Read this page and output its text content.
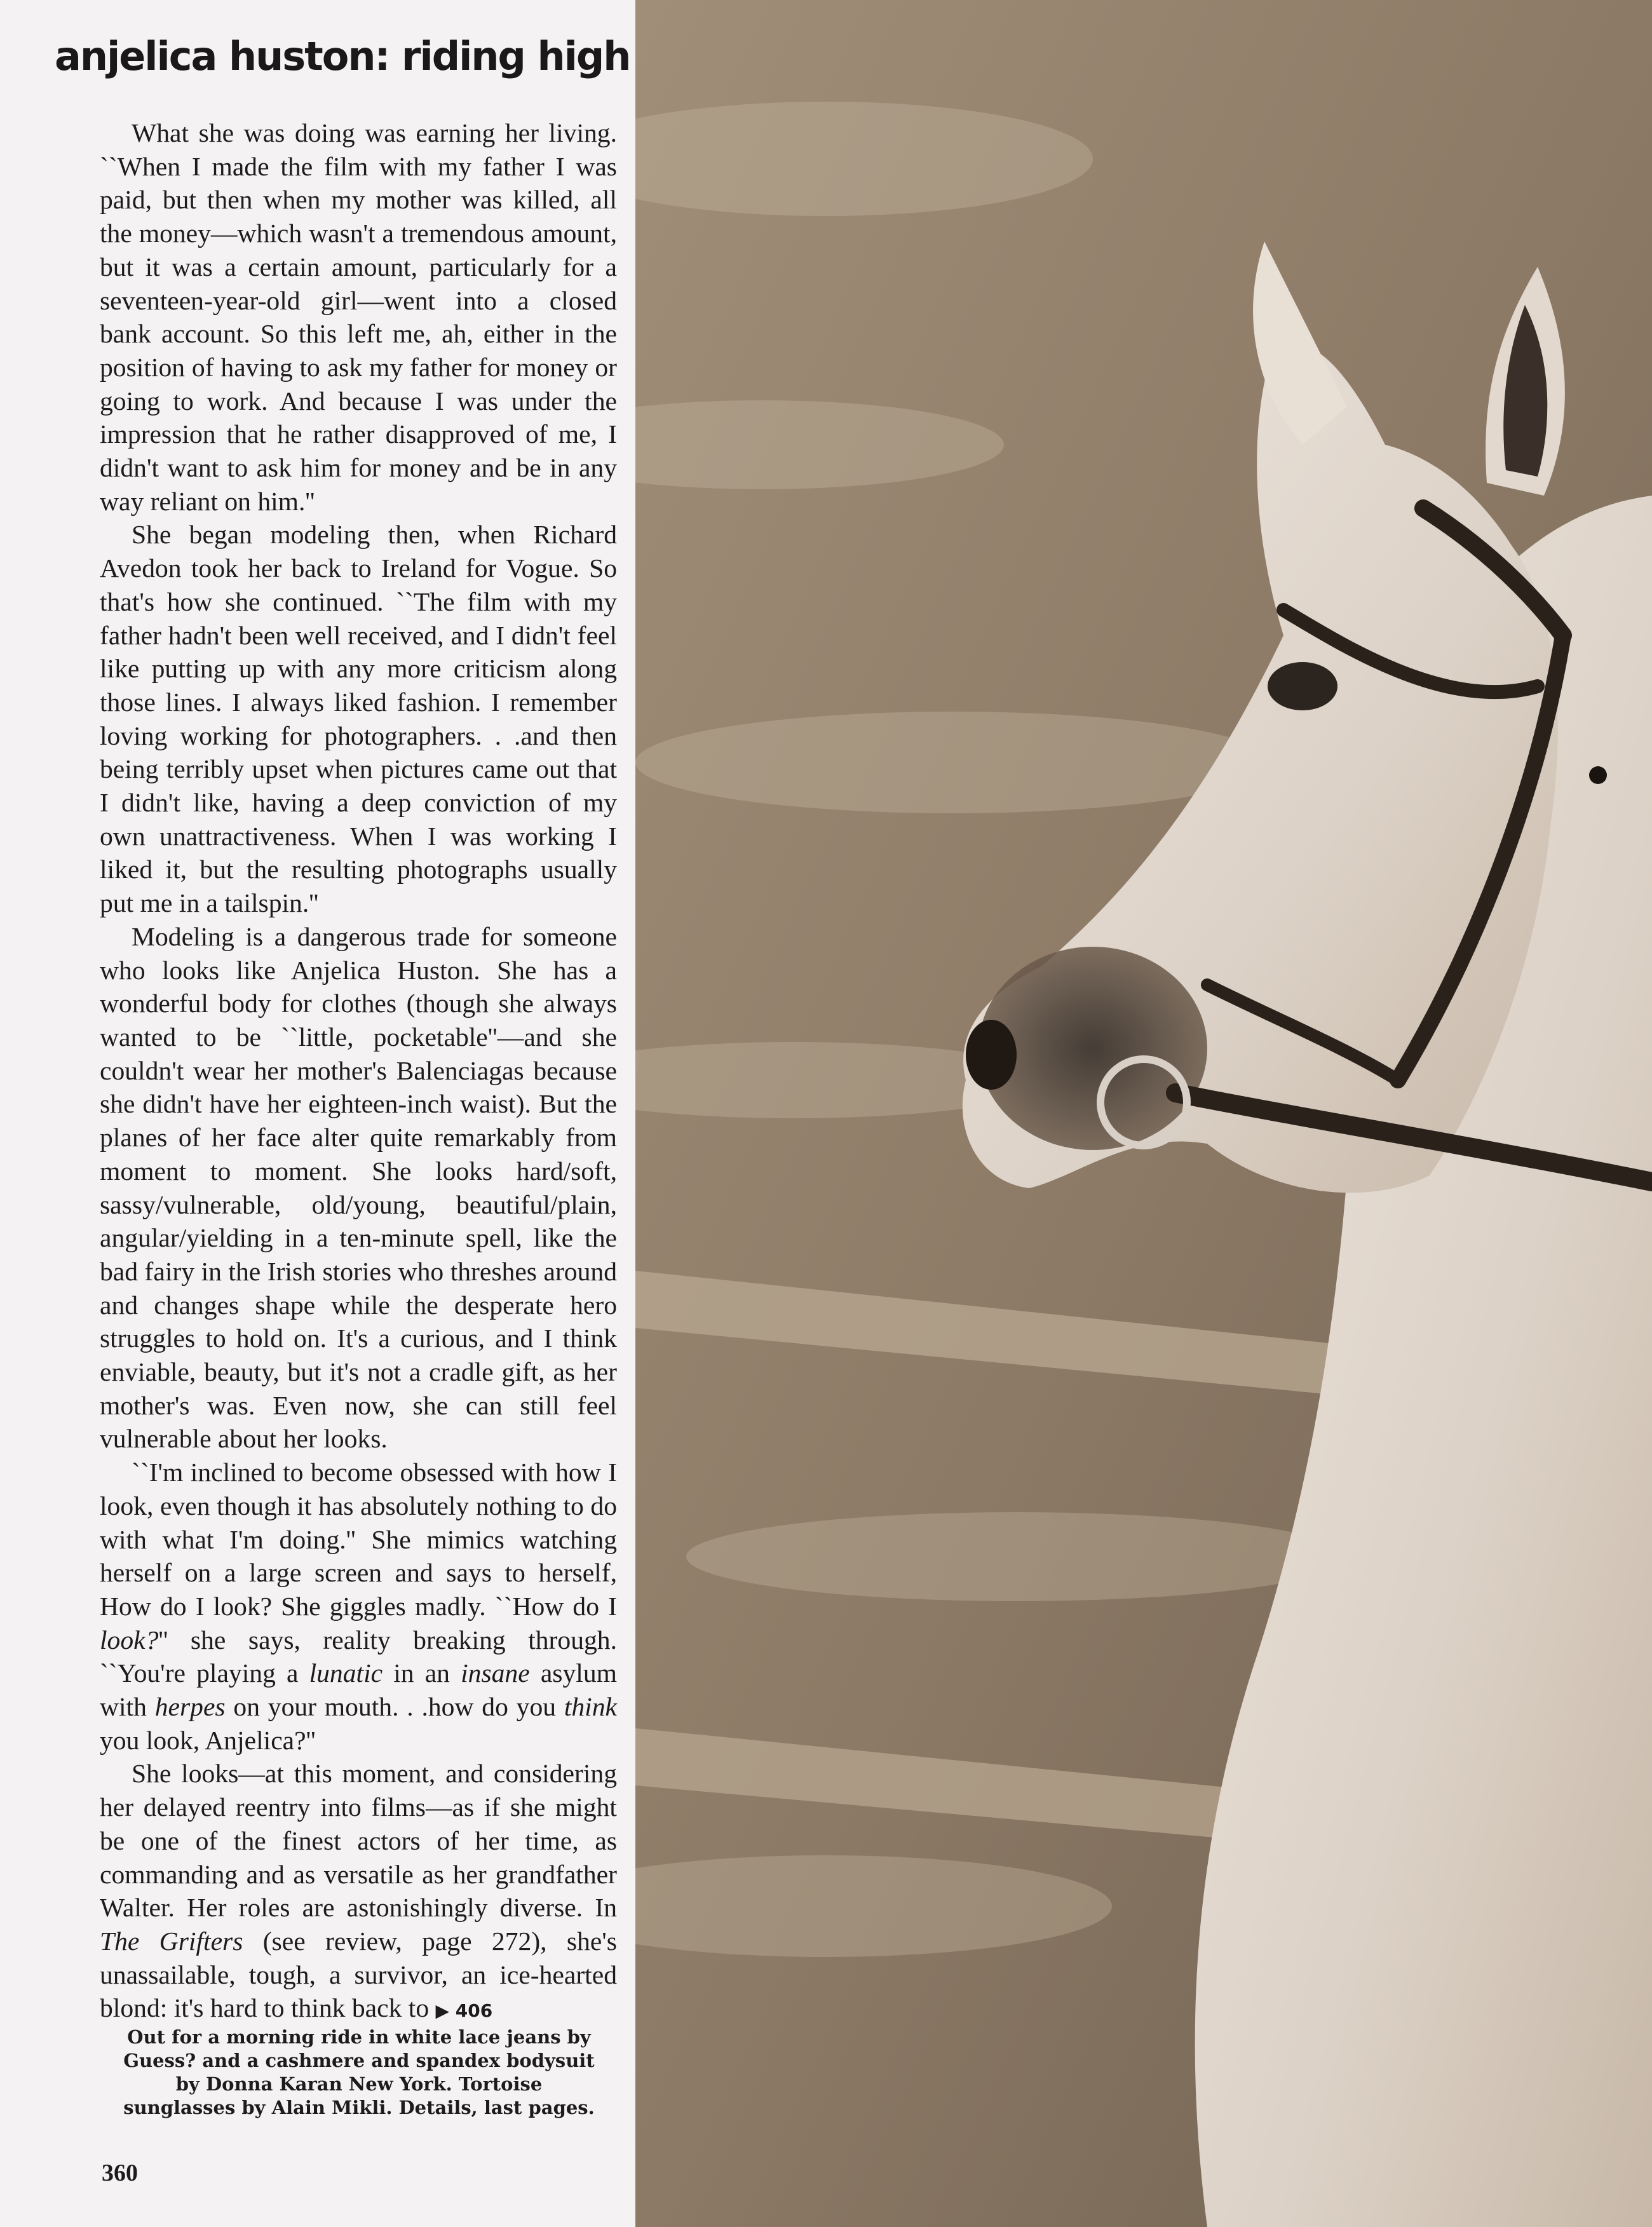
anjelica huston: riding high

What she was doing was earning her living. ``When I made the film with my father I was paid, but then when my mother was killed, all the money—which wasn't a tremendous amount, but it was a certain amount, particularly for a seventeen-year-old girl—went into a closed bank account. So this left me, ah, either in the position of having to ask my father for money or going to work. And because I was under the impression that he rather disapproved of me, I didn't want to ask him for money and be in any way reliant on him.''

She began modeling then, when Richard Avedon took her back to Ireland for Vogue. So that's how she continued. ``The film with my father hadn't been well received, and I didn't feel like putting up with any more criticism along those lines. I always liked fashion. I remember loving working for photographers. . .and then being terribly upset when pictures came out that I didn't like, having a deep conviction of my own unattractiveness. When I was working I liked it, but the resulting photographs usually put me in a tailspin.''

Modeling is a dangerous trade for someone who looks like Anjelica Huston. She has a wonderful body for clothes (though she always wanted to be ``little, pocketable''—and she couldn't wear her mother's Balenciagas because she didn't have her eighteen-inch waist). But the planes of her face alter quite remarkably from moment to moment. She looks hard/soft, sassy/vulnerable, old/young, beautiful/plain, angular/yielding in a ten-minute spell, like the bad fairy in the Irish stories who threshes around and changes shape while the desperate hero struggles to hold on. It's a curious, and I think enviable, beauty, but it's not a cradle gift, as her mother's was. Even now, she can still feel vulnerable about her looks.

``I'm inclined to become obsessed with how I look, even though it has absolutely nothing to do with what I'm doing.'' She mimics watching herself on a large screen and says to herself, How do I look? She giggles madly. ``How do I look?'' she says, reality breaking through. ``You're playing a lunatic in an insane asylum with herpes on your mouth. . .how do you think you look, Anjelica?''

She looks—at this moment, and considering her delayed reentry into films—as if she might be one of the finest actors of her time, as commanding and as versatile as her grandfather Walter. Her roles are astonishingly diverse. In The Grifters (see review, page 272), she's unassailable, tough, a survivor, an ice-hearted blond: it's hard to think back to ▶ 406

Out for a morning ride in white lace jeans by
Guess? and a cashmere and spandex bodysuit
by Donna Karan New York. Tortoise
sunglasses by Alain Mikli. Details, last pages.
360
